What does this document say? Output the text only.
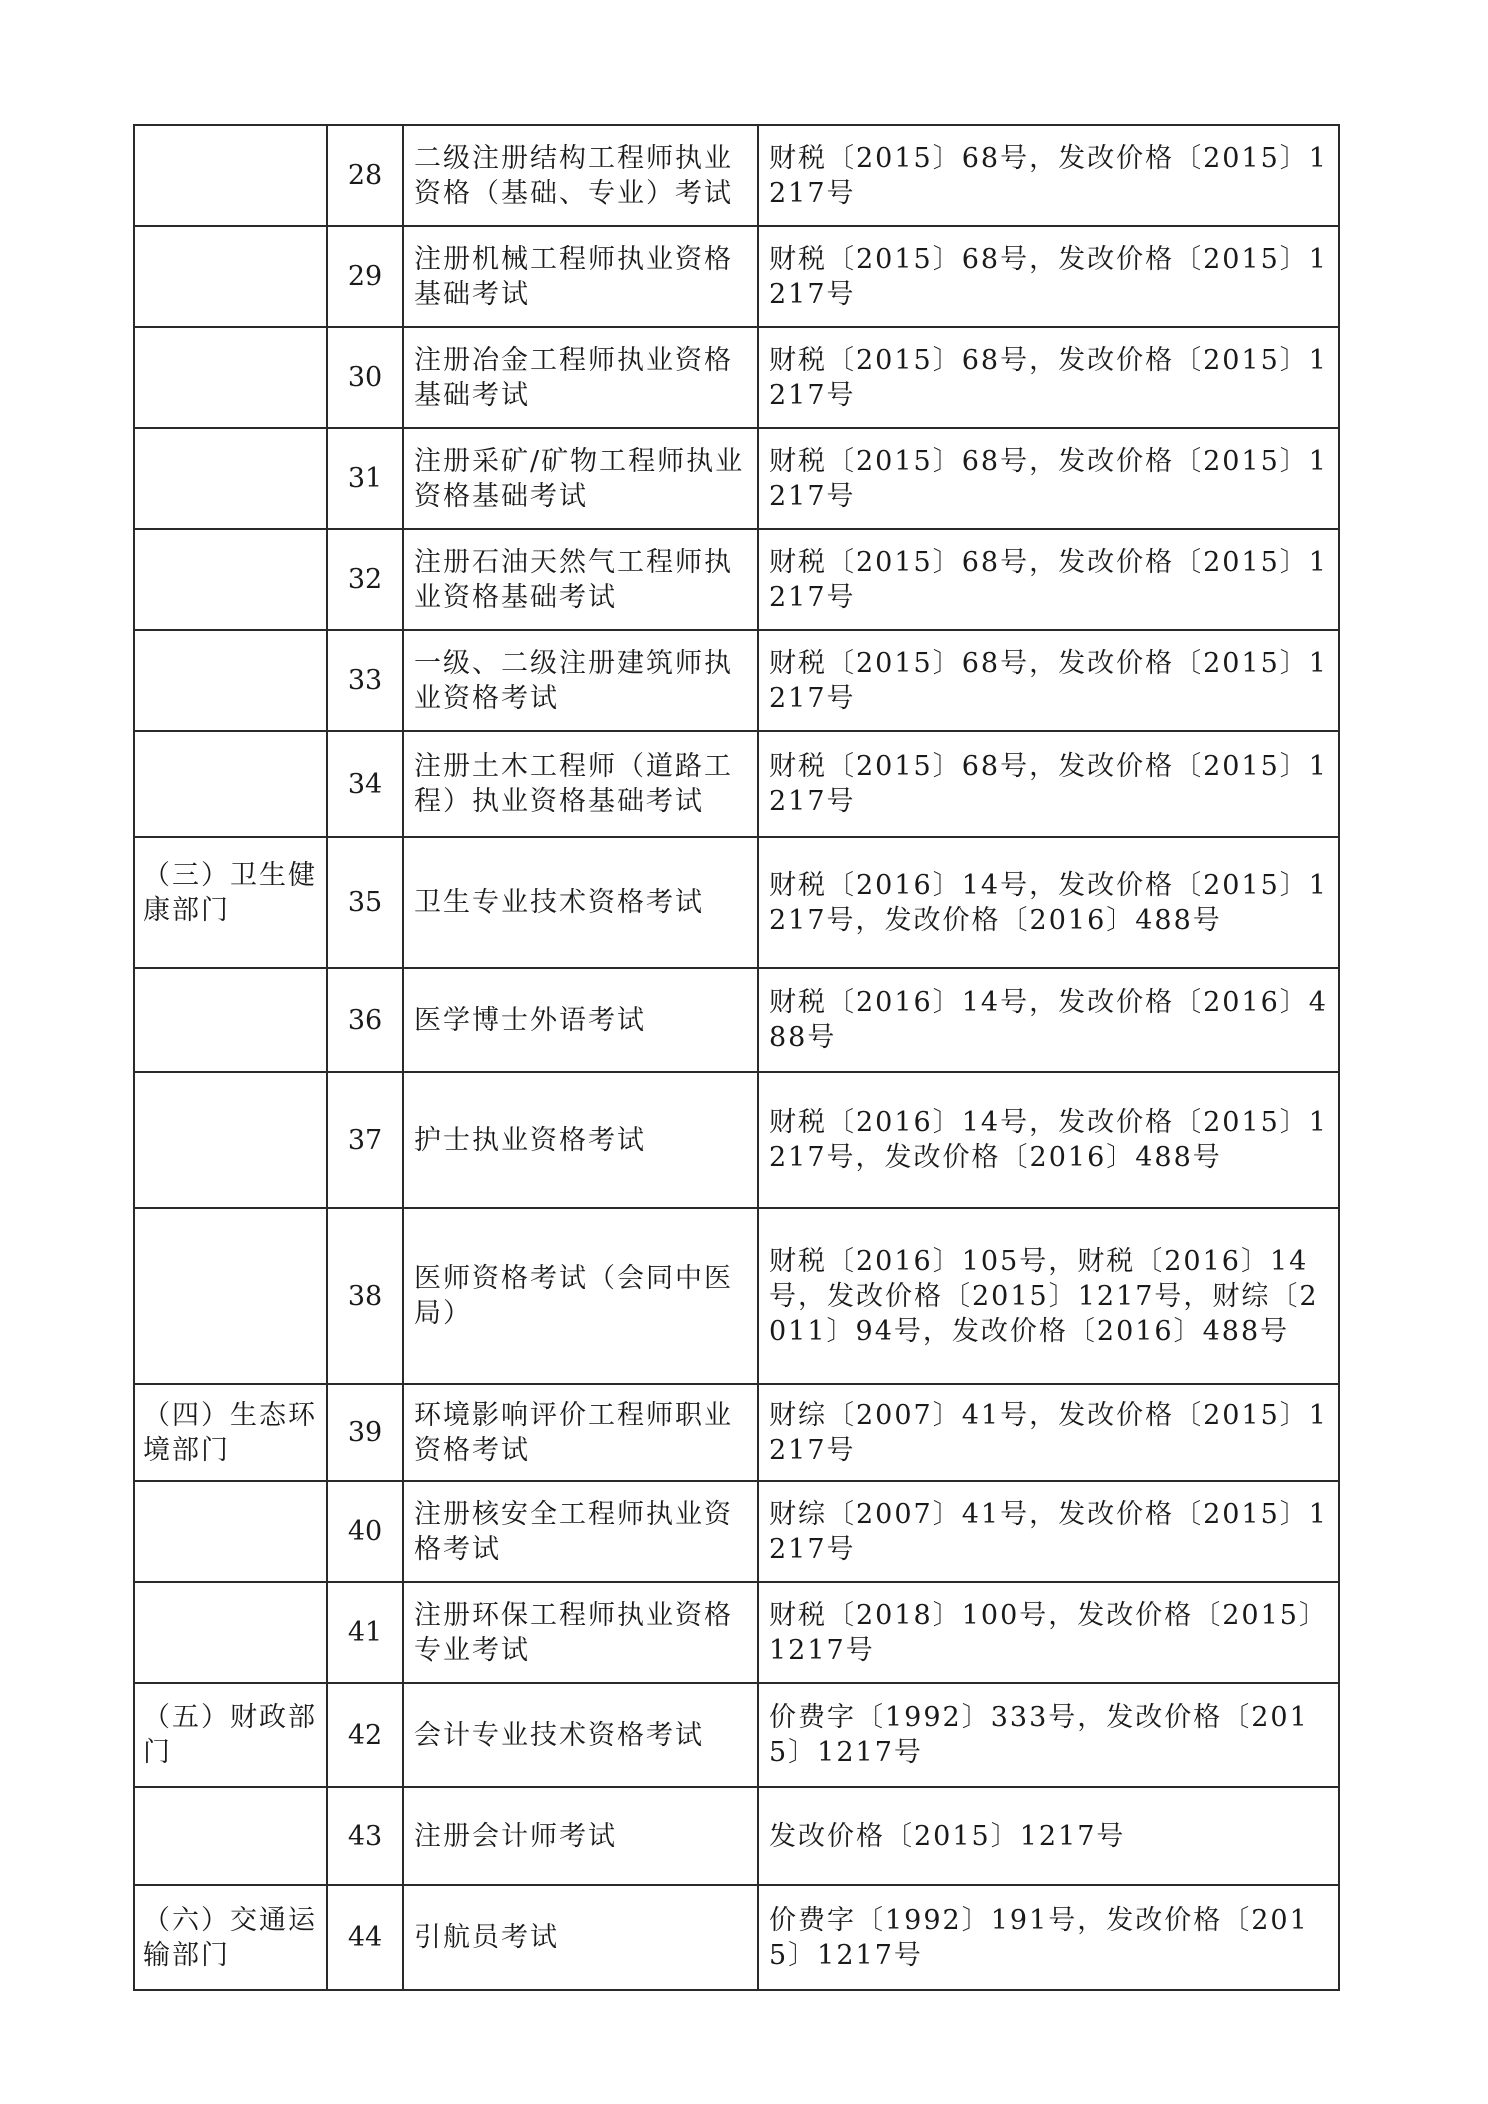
	28	二级注册结构工程师执业资格（基础、专业）考试	财税〔2015〕68号，发改价格〔2015〕1217号
	29	注册机械工程师执业资格基础考试	财税〔2015〕68号，发改价格〔2015〕1217号
	30	注册冶金工程师执业资格基础考试	财税〔2015〕68号，发改价格〔2015〕1217号
	31	注册采矿/矿物工程师执业资格基础考试	财税〔2015〕68号，发改价格〔2015〕1217号
	32	注册石油天然气工程师执业资格基础考试	财税〔2015〕68号，发改价格〔2015〕1217号
	33	一级、二级注册建筑师执业资格考试	财税〔2015〕68号，发改价格〔2015〕1217号
	34	注册土木工程师（道路工程）执业资格基础考试	财税〔2015〕68号，发改价格〔2015〕1217号
（三）卫生健康部门	35	卫生专业技术资格考试	财税〔2016〕14号，发改价格〔2015〕1217号，发改价格〔2016〕488号
	36	医学博士外语考试	财税〔2016〕14号，发改价格〔2016〕488号
	37	护士执业资格考试	财税〔2016〕14号，发改价格〔2015〕1217号，发改价格〔2016〕488号
	38	医师资格考试（会同中医局）	财税〔2016〕105号，财税〔2016〕14号，发改价格〔2015〕1217号，财综〔2011〕94号，发改价格〔2016〕488号
（四）生态环境部门	39	环境影响评价工程师职业资格考试	财综〔2007〕41号，发改价格〔2015〕1217号
	40	注册核安全工程师执业资格考试	财综〔2007〕41号，发改价格〔2015〕1217号
	41	注册环保工程师执业资格专业考试	财税〔2018〕100号，发改价格〔2015〕1217号
（五）财政部门	42	会计专业技术资格考试	价费字〔1992〕333号，发改价格〔2015〕1217号
	43	注册会计师考试	发改价格〔2015〕1217号
（六）交通运输部门	44	引航员考试	价费字〔1992〕191号，发改价格〔2015〕1217号
